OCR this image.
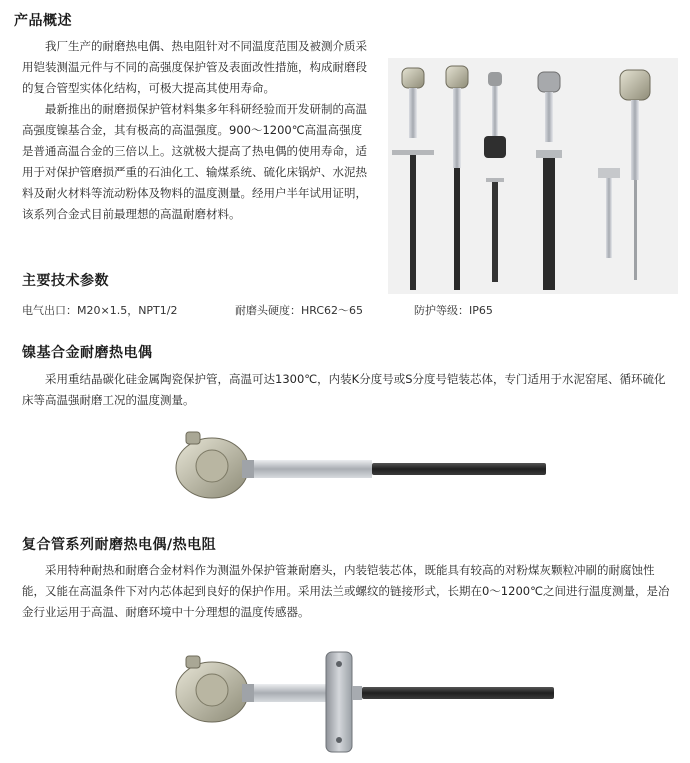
产品概述

我厂生产的耐磨热电偶、热电阻针对不同温度范围及被测介质采用铠装测温元件与不同的高强度保护管及表面改性措施，构成耐磨段的复合管型实体化结构，可极大提高其使用寿命。

最新推出的耐磨损保护管材料集多年科研经验而开发研制的高温高强度镍基合金，其有极高的高温强度。900～1200℃高温高强度是普通高温合金的三倍以上。这就极大提高了热电偶的使用寿命，适用于对保护管磨损严重的石油化工、输煤系统、硫化床锅炉、水泥热料及耐火材料等流动粉体及物料的温度测量。经用户半年试用证明，该系列合金式目前最理想的高温耐磨材料。

主要技术参数
电气出口：M20×1.5，NPT1/2	耐磨头硬度：HRC62～65	防护等级：IP65
镍基合金耐磨热电偶

采用重结晶碳化硅金属陶瓷保护管，高温可达1300℃，内装K分度号或S分度号铠装芯体，专门适用于水泥窑尾、循环硫化床等高温强耐磨工况的温度测量。

复合管系列耐磨热电偶/热电阻

采用特种耐热和耐磨合金材料作为测温外保护管兼耐磨头，内装铠装芯体，既能具有较高的对粉煤灰颗粒冲刷的耐腐蚀性能，又能在高温条件下对内芯体起到良好的保护作用。采用法兰或螺纹的链接形式，长期在0～1200℃之间进行温度测量，是冶金行业运用于高温、耐磨环境中十分理想的温度传感器。
